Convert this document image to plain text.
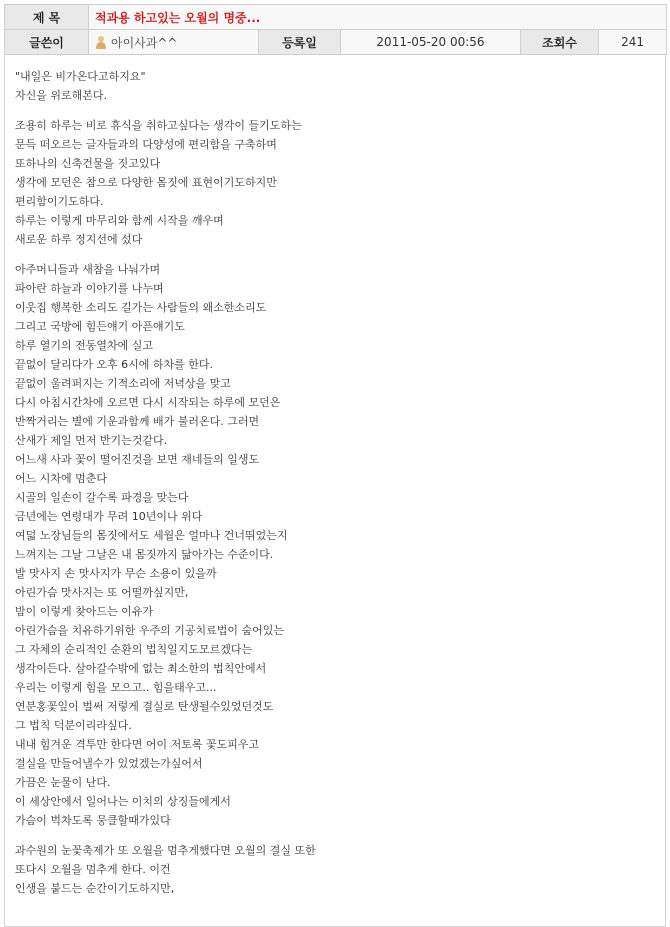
제 목	적과용 하고있는 오월의 명중...				
글쓴이	아이사과^^	등록일	2011-05-20 00:56	조회수	241
"내일은 비가온다고하지요"
자신을 위로해본다.
조용히 하루는 비로 휴식을 취하고싶다는 생각이 들기도하는
문득 떠오르는 글자들과의 다양성에 편리함을 구축하며
또하나의 신축건물을 짓고있다
생각에 모던은 참으로 다양한 몸짓에 표현이기도하지만
편리함이기도하다.
하루는 이렇게 마무리와 함께 시작을 깨우며
새로운 하루 정지선에 섰다
아주머니들과 새참을 나눠가며
파아란 하늘과 이야기를 나누며
이웃집 행복한 소리도 길가는 사람들의 왜소한소리도
그리고 국방에 힘든얘기 아픈얘기도
하루 열기의 전동열차에 실고
끝없이 달리다가 오후 6시에 하차를 한다.
끝없이 울려퍼지는 기적소리에 저녁상을 맞고
다시 아침시간차에 오르면 다시 시작되는 하루에 모던은
반짝거리는 별에 기운과함께 배가 불러온다. 그러면
산새가 제일 먼저 반기는것같다.
어느새 사과 꽃이 떨어진것을 보면 재네들의 일생도
어느 시차에 멈춘다
시골의 일손이 갈수록 파경을 맞는다
금년에는 연령대가 무려 10년이나 위다
여덟 노장님들의 몸짓에서도 세월은 얼마나 건너뛰었는지
느껴지는 그날 그날은 내 몸짓까지 닮아가는 수준이다.
발 맛사지 손 맛사지가 무슨 소용이 있을까
아린가슴 맛사지는 또 어떨까싶지만,
밤이 이렇게 찾아드는 이유가
아린가슴을 치유하기위한 우주의 기공치료법이 숨어있는
그 자체의 순리적인 순환의 법칙일지도모르겠다는
생각이든다. 살아갈수밖에 없는 최소한의 법칙안에서
우리는 이렇게 힘을 모으고.. 힘을태우고...
연분홍꽃잎이 벌써 저렇게 결실로 탄생될수있었던것도
그 법칙 덕분이리라싶다.
내내 힘겨운 격투만 한다면 어이 저토록 꽃도피우고
결실을 만들어낼수가 있었겠는가싶어서
가끔은 눈물이 난다.
이 세상안에서 일어나는 이치의 상징들에게서
가슴이 벅차도록 뭉클할때가있다
과수원의 눈꽃축제가 또 오월을 멈추게했다면 오월의 결실 또한
또다시 오월을 멈추게 한다. 이건
인생을 붙드는 순간이기도하지만,
